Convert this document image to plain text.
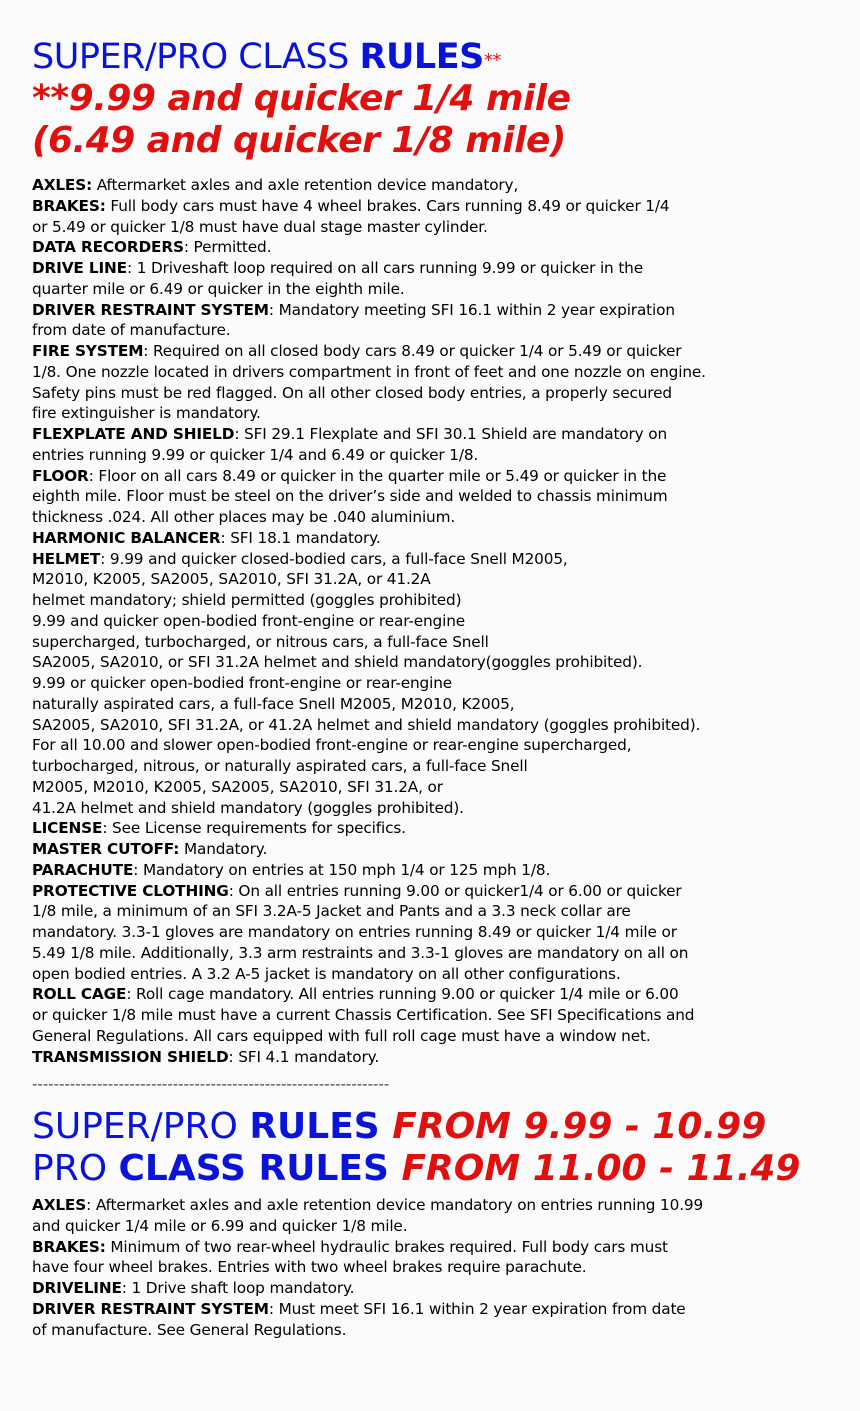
SUPER/PRO CLASS RULES**
**9.99 and quicker 1/4 mile
(6.49 and quicker 1/8 mile)
AXLES: Aftermarket axles and axle retention device mandatory,
BRAKES: Full body cars must have 4 wheel brakes. Cars running 8.49 or quicker 1/4
or 5.49 or quicker 1/8 must have dual stage master cylinder.
DATA RECORDERS: Permitted.
DRIVE LINE: 1 Driveshaft loop required on all cars running 9.99 or quicker in the
quarter mile or 6.49 or quicker in the eighth mile.
DRIVER RESTRAINT SYSTEM: Mandatory meeting SFI 16.1 within 2 year expiration
from date of manufacture.
FIRE SYSTEM: Required on all closed body cars 8.49 or quicker 1/4 or 5.49 or quicker
1/8. One nozzle located in drivers compartment in front of feet and one nozzle on engine.
Safety pins must be red flagged. On all other closed body entries, a properly secured
fire extinguisher is mandatory.
FLEXPLATE AND SHIELD: SFI 29.1 Flexplate and SFI 30.1 Shield are mandatory on
entries running 9.99 or quicker 1/4 and 6.49 or quicker 1/8.
FLOOR: Floor on all cars 8.49 or quicker in the quarter mile or 5.49 or quicker in the
eighth mile. Floor must be steel on the driver’s side and welded to chassis minimum
thickness .024. All other places may be .040 aluminium.
HARMONIC BALANCER: SFI 18.1 mandatory.
HELMET: 9.99 and quicker closed-bodied cars, a full-face Snell M2005,
M2010, K2005, SA2005, SA2010, SFI 31.2A, or 41.2A
helmet mandatory; shield permitted (goggles prohibited)
9.99 and quicker open-bodied front-engine or rear-engine
supercharged, turbocharged, or nitrous cars, a full-face Snell
SA2005, SA2010, or SFI 31.2A helmet and shield mandatory(goggles prohibited).
9.99 or quicker open-bodied front-engine or rear-engine
naturally aspirated cars, a full-face Snell M2005, M2010, K2005,
SA2005, SA2010, SFI 31.2A, or 41.2A helmet and shield mandatory (goggles prohibited).
For all 10.00 and slower open-bodied front-engine or rear-engine supercharged,
turbocharged, nitrous, or naturally aspirated cars, a full-face Snell
M2005, M2010, K2005, SA2005, SA2010, SFI 31.2A, or
41.2A helmet and shield mandatory (goggles prohibited).
LICENSE: See License requirements for specifics.
MASTER CUTOFF: Mandatory.
PARACHUTE: Mandatory on entries at 150 mph 1/4 or 125 mph 1/8.
PROTECTIVE CLOTHING: On all entries running 9.00 or quicker1/4 or 6.00 or quicker
1/8 mile, a minimum of an SFI 3.2A-5 Jacket and Pants and a 3.3 neck collar are
mandatory. 3.3-1 gloves are mandatory on entries running 8.49 or quicker 1/4 mile or
5.49 1/8 mile. Additionally, 3.3 arm restraints and 3.3-1 gloves are mandatory on all on
open bodied entries. A 3.2 A-5 jacket is mandatory on all other configurations.
ROLL CAGE: Roll cage mandatory. All entries running 9.00 or quicker 1/4 mile or 6.00
or quicker 1/8 mile must have a current Chassis Certification. See SFI Specifications and
General Regulations. All cars equipped with full roll cage must have a window net.
TRANSMISSION SHIELD: SFI 4.1 mandatory.
------------------------------------------------------------------
SUPER/PRO RULES FROM 9.99 - 10.99
PRO CLASS RULES FROM 11.00 - 11.49
AXLES: Aftermarket axles and axle retention device mandatory on entries running 10.99
and quicker 1/4 mile or 6.99 and quicker 1/8 mile.
BRAKES: Minimum of two rear-wheel hydraulic brakes required. Full body cars must
have four wheel brakes. Entries with two wheel brakes require parachute.
DRIVELINE: 1 Drive shaft loop mandatory.
DRIVER RESTRAINT SYSTEM: Must meet SFI 16.1 within 2 year expiration from date
of manufacture. See General Regulations.
